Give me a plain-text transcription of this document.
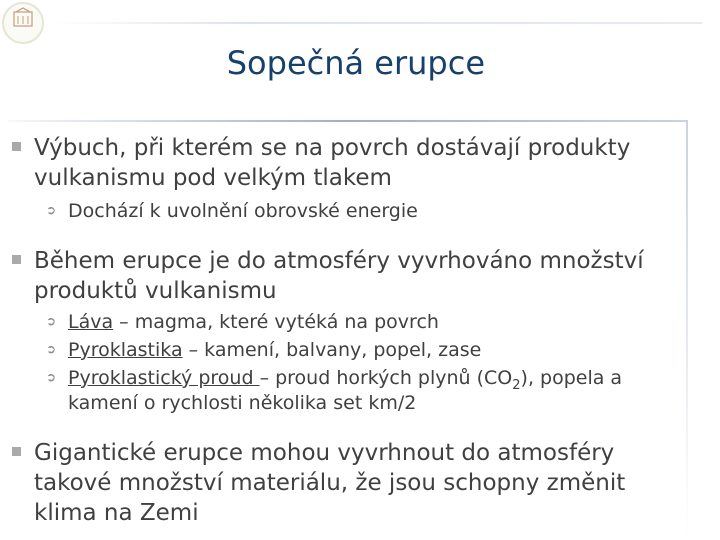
Sopečná erupce
Výbuch, při kterém se na povrch dostávají produkty vulkanismu pod velkým tlakem
➲ Dochází k uvolnění obrovské energie
Během erupce je do atmosféry vyvrhováno množství produktů vulkanismu
➲ Láva – magma, které vytéká na povrch
➲ Pyroklastika – kamení, balvany, popel, zase
➲ Pyroklastický proud – proud horkých plynů $(CO_2)$, popela a kamení o rychlosti několika set km/2
Gigantické erupce mohou vyvrhnout do atmosféry takové množství materiálu, že jsou schopny změnit klima na Zemi
